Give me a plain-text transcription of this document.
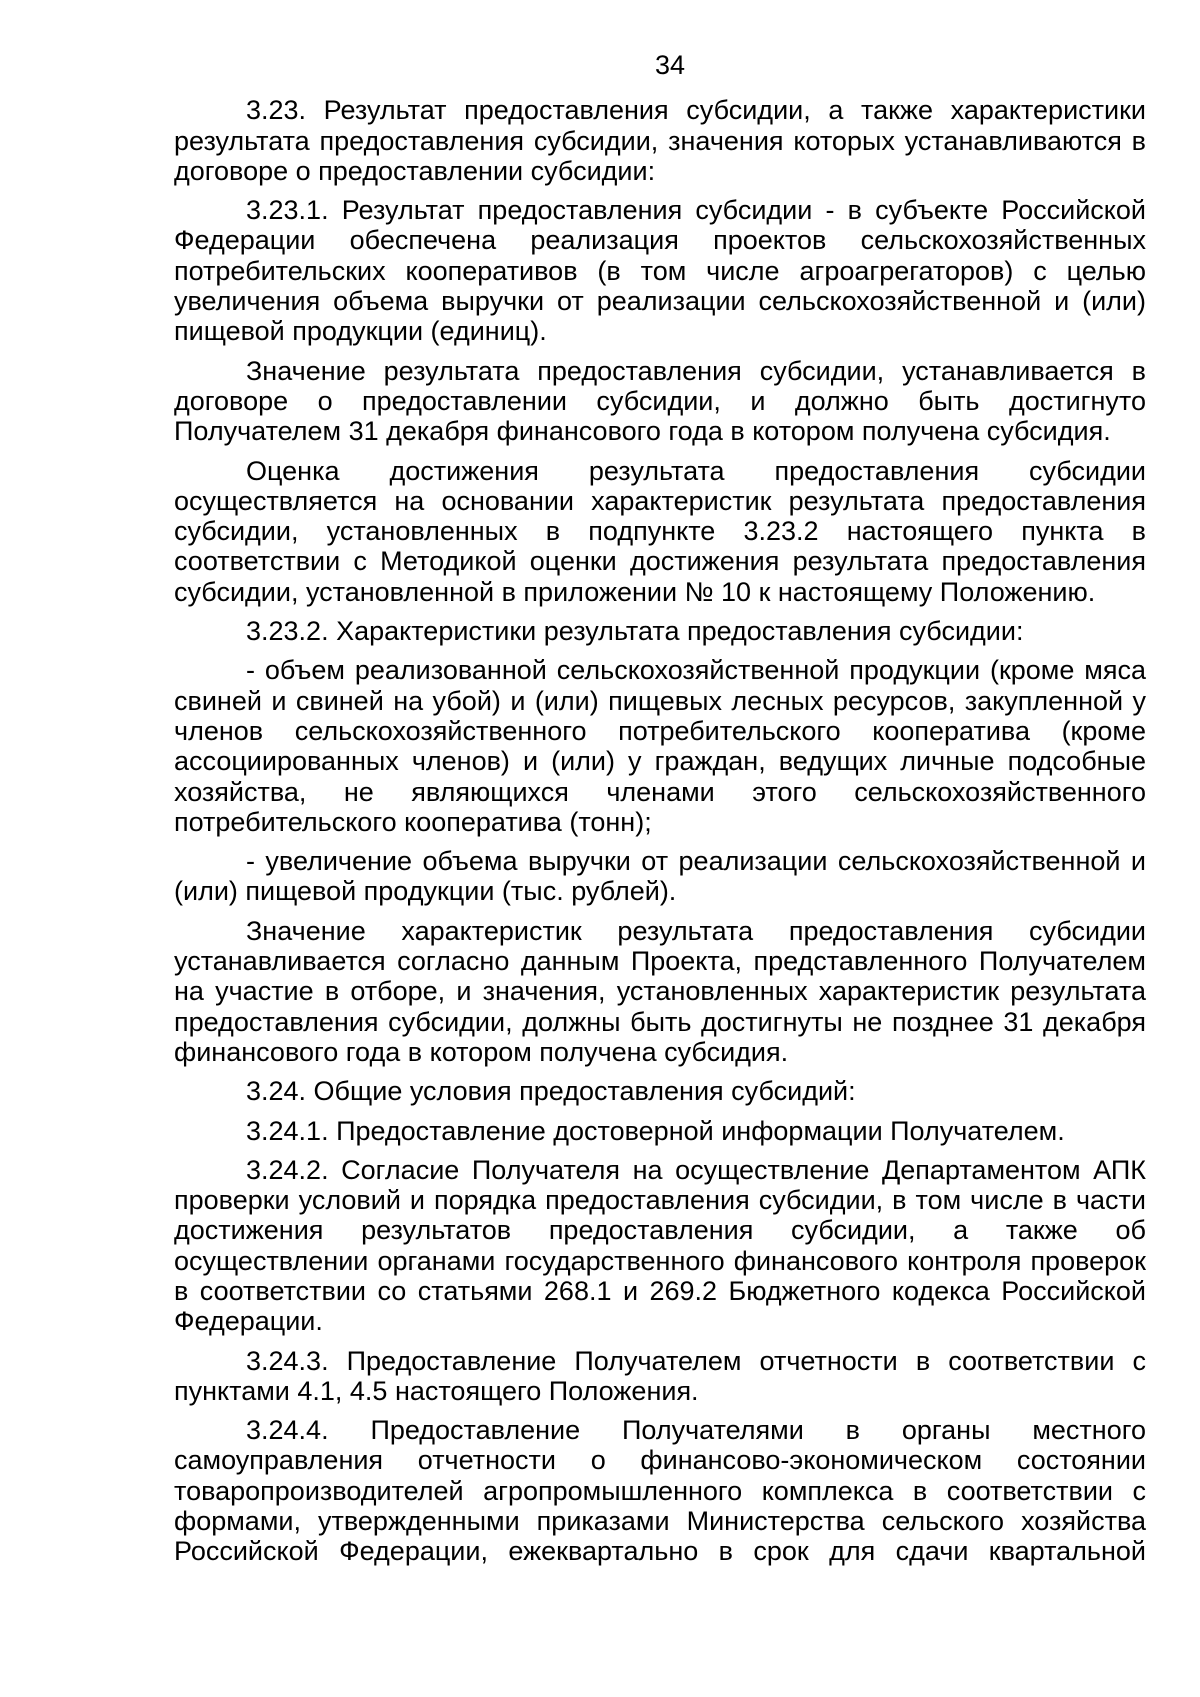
34

3.23. Результат предоставления субсидии, а также характеристики результата предоставления субсидии, значения которых устанавливаются в договоре о предоставлении субсидии:

3.23.1. Результат предоставления субсидии - в субъекте Российской Федерации обеспечена реализация проектов сельскохозяйственных потребительских кооперативов (в том числе агроагрегаторов) с целью увеличения объема выручки от реализации сельскохозяйственной и (или) пищевой продукции (единиц).

Значение результата предоставления субсидии, устанавливается в договоре о предоставлении субсидии, и должно быть достигнуто Получателем 31 декабря финансового года в котором получена субсидия.

Оценка достижения результата предоставления субсидии осуществляется на основании характеристик результата предоставления субсидии, установленных в подпункте 3.23.2 настоящего пункта в соответствии с Методикой оценки достижения результата предоставления субсидии, установленной в приложении № 10 к настоящему Положению.

3.23.2. Характеристики результата предоставления субсидии:

- объем реализованной сельскохозяйственной продукции (кроме мяса свиней и свиней на убой) и (или) пищевых лесных ресурсов, закупленной у членов сельскохозяйственного потребительского кооператива (кроме ассоциированных членов) и (или) у граждан, ведущих личные подсобные хозяйства, не являющихся членами этого сельскохозяйственного потребительского кооператива (тонн);

- увеличение объема выручки от реализации сельскохозяйственной и (или) пищевой продукции (тыс. рублей).

Значение характеристик результата предоставления субсидии устанавливается согласно данным Проекта, представленного Получателем на участие в отборе, и значения, установленных характеристик результата предоставления субсидии, должны быть достигнуты не позднее 31 декабря финансового года в котором получена субсидия.

3.24. Общие условия предоставления субсидий:

3.24.1. Предоставление достоверной информации Получателем.

3.24.2. Согласие Получателя на осуществление Департаментом АПК проверки условий и порядка предоставления субсидии, в том числе в части достижения результатов предоставления субсидии, а также об осуществлении органами государственного финансового контроля проверок в соответствии со статьями 268.1 и 269.2 Бюджетного кодекса Российской Федерации.

3.24.3. Предоставление Получателем отчетности в соответствии с пунктами 4.1, 4.5 настоящего Положения.

3.24.4. Предоставление Получателями в органы местного самоуправления отчетности о финансово-экономическом состоянии товаропроизводителей агропромышленного комплекса в соответствии с формами, утвержденными приказами Министерства сельского хозяйства Российской Федерации, ежеквартально в срок для сдачи квартальной
